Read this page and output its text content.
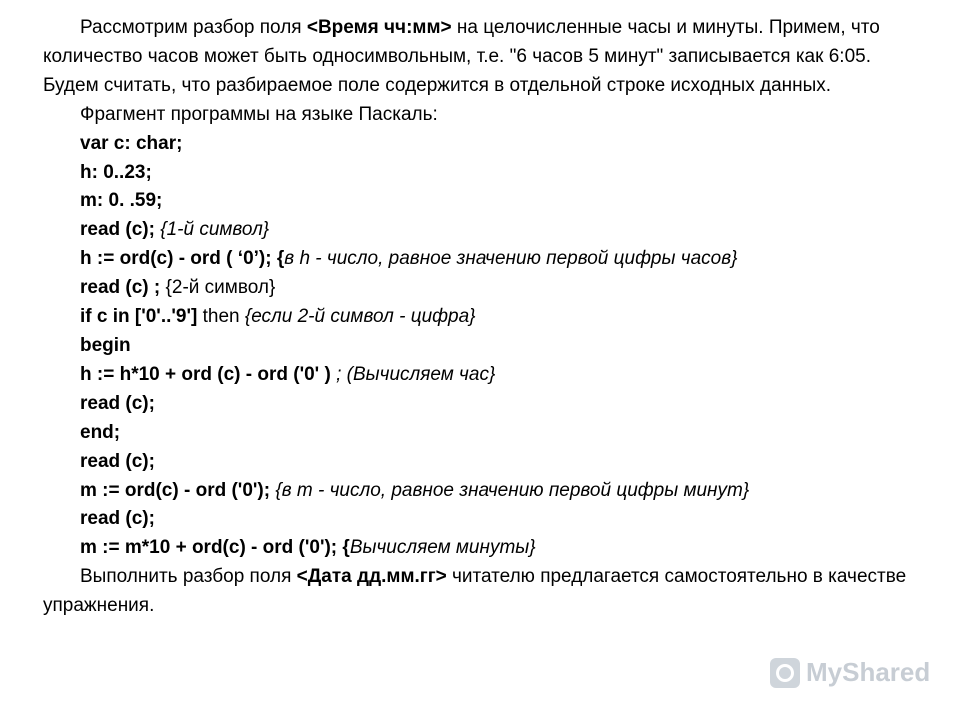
Рассмотрим разбор поля <Время чч:мм> на целочисленные часы и минуты. Примем, что количество часов может быть односимвольным, т.е. "6 часов 5 минут" записывается как 6:05. Будем считать, что разбираемое поле содержится в отдельной строке исходных данных.

Фрагмент программы на языке Паскаль:

var c: char;

h: 0..23;

m: 0. .59;

read (c); {1-й символ}

h := ord(c) - ord ( ‘0’); {в h - число, равное значению первой цифры часов}

read (c) ; {2-й символ}

if c in ['0'..'9'] then {если 2-й символ - цифра}

begin

h := h*10 + ord (c) - ord ('0' ) ; (Вычисляем час}

read (c);

end;

read (c);

m := ord(c) - ord ('0'); {в m - число, равное значению первой цифры минут}

read (c);

m := m*10 + ord(c) - ord ('0'); {Вычисляем минуты}

Выполнить разбор поля <Дата дд.мм.гг> читателю предлагается самостоятельно в качестве упражнения.

MyShared
